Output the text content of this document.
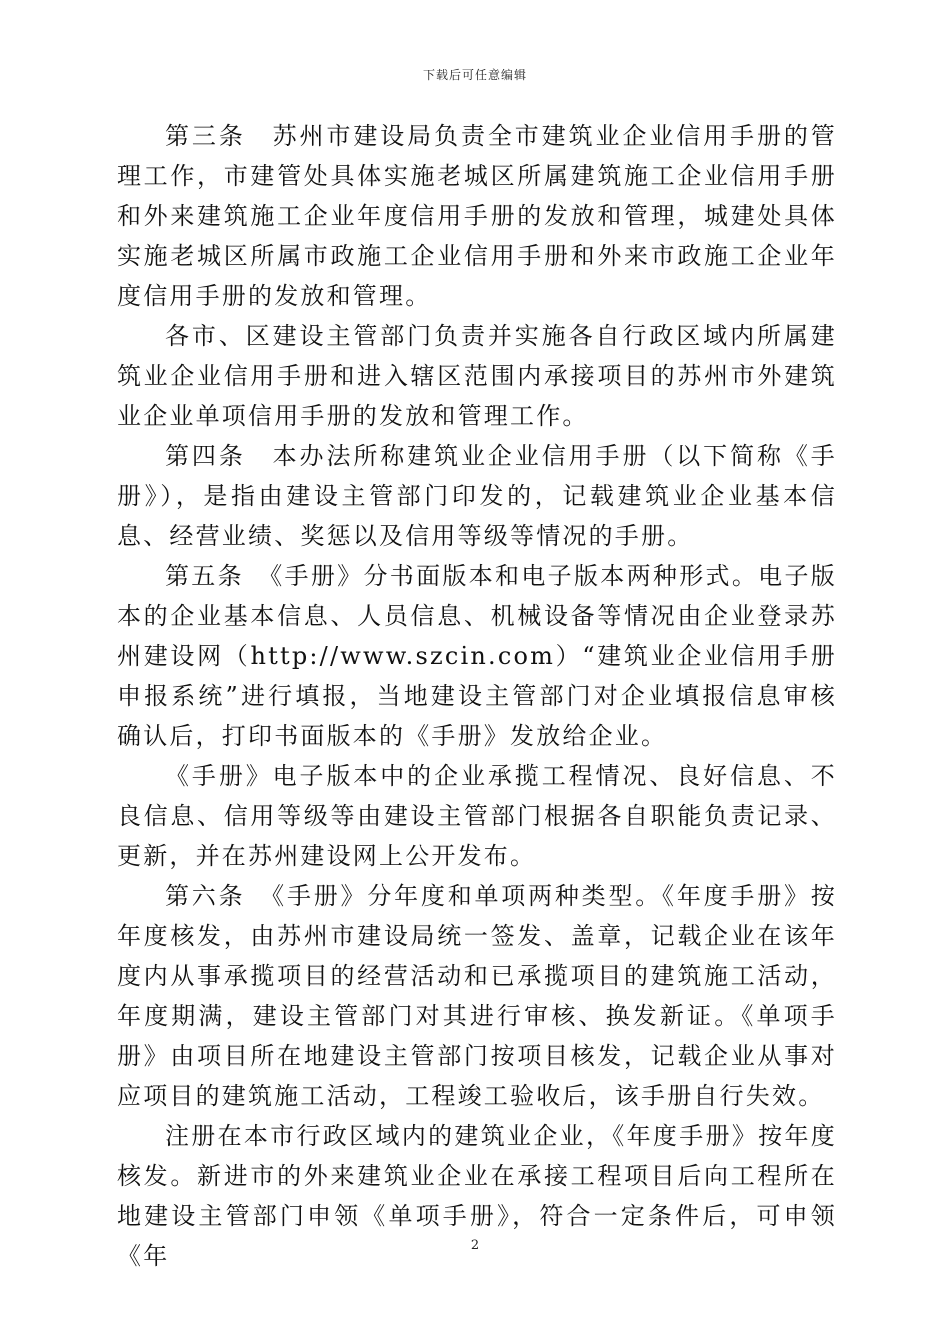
下载后可任意编辑

第三条　苏州市建设局负责全市建筑业企业信用手册的管理工作，市建管处具体实施老城区所属建筑施工企业信用手册和外来建筑施工企业年度信用手册的发放和管理，城建处具体实施老城区所属市政施工企业信用手册和外来市政施工企业年度信用手册的发放和管理。

各市、区建设主管部门负责并实施各自行政区域内所属建筑业企业信用手册和进入辖区范围内承接项目的苏州市外建筑业企业单项信用手册的发放和管理工作。

第四条　本办法所称建筑业企业信用手册（以下简称《手册》），是指由建设主管部门印发的，记载建筑业企业基本信息、经营业绩、奖惩以及信用等级等情况的手册。

第五条　《手册》分书面版本和电子版本两种形式。电子版本的企业基本信息、人员信息、机械设备等情况由企业登录苏州建设网（http://www.szcin.com）“建筑业企业信用手册申报系统”进行填报，当地建设主管部门对企业填报信息审核确认后，打印书面版本的《手册》发放给企业。

《手册》电子版本中的企业承揽工程情况、良好信息、不良信息、信用等级等由建设主管部门根据各自职能负责记录、更新，并在苏州建设网上公开发布。

第六条　《手册》分年度和单项两种类型。《年度手册》按年度核发，由苏州市建设局统一签发、盖章，记载企业在该年度内从事承揽项目的经营活动和已承揽项目的建筑施工活动，年度期满，建设主管部门对其进行审核、换发新证。《单项手册》由项目所在地建设主管部门按项目核发，记载企业从事对应项目的建筑施工活动，工程竣工验收后，该手册自行失效。

注册在本市行政区域内的建筑业企业，《年度手册》按年度核发。新进市的外来建筑业企业在承接工程项目后向工程所在地建设主管部门申领《单项手册》，符合一定条件后，可申领《年	2
